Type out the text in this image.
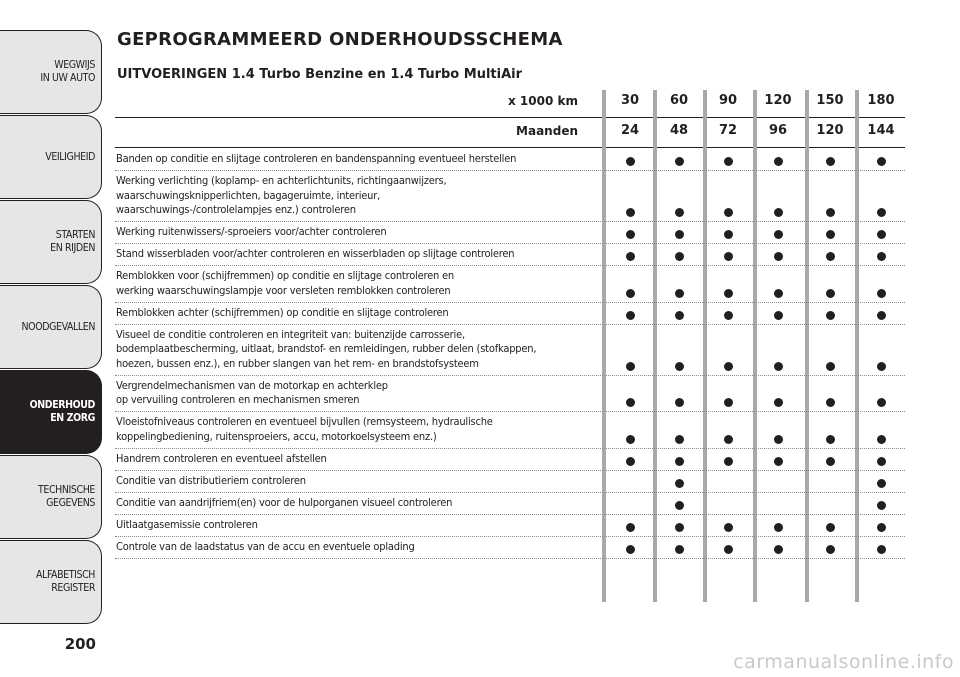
WEGWIJS
IN UW AUTO
VEILIGHEID
STARTEN
EN RIJDEN
NOODGEVALLEN
ONDERHOUD
EN ZORG
TECHNISCHE
GEGEVENS
ALFABETISCH
REGISTER
200
GEPROGRAMMEERD ONDERHOUDSSCHEMA
UITVOERINGEN 1.4 Turbo Benzine en 1.4 Turbo MultiAir
x 1000 km
Maanden
30
24
60
48
90
72
120
96
150
120
180
144
Banden op conditie en slijtage controleren en bandenspanning eventueel herstellen
Werking verlichting (koplamp- en achterlichtunits, richtingaanwijzers,
waarschuwingsknipperlichten, bagageruimte, interieur,
waarschuwings-/controlelampjes enz.) controleren
Werking ruitenwissers/-sproeiers voor/achter controleren
Stand wisserbladen voor/achter controleren en wisserbladen op slijtage controleren
Remblokken voor (schijfremmen) op conditie en slijtage controleren en
werking waarschuwingslampje voor versleten remblokken controleren
Remblokken achter (schijfremmen) op conditie en slijtage controleren
Visueel de conditie controleren en integriteit van: buitenzijde carrosserie,
bodemplaatbescherming, uitlaat, brandstof- en remleidingen, rubber delen (stofkappen,
hoezen, bussen enz.), en rubber slangen van het rem- en brandstofsysteem
Vergrendelmechanismen van de motorkap en achterklep
op vervuiling controleren en mechanismen smeren
Vloeistofniveaus controleren en eventueel bijvullen (remsysteem, hydraulische
koppelingbediening, ruitensproeiers, accu, motorkoelsysteem enz.)
Handrem controleren en eventueel afstellen
Conditie van distributieriem controleren
Conditie van aandrijfriem(en) voor de hulporganen visueel controleren
Uitlaatgasemissie controleren
Controle van de laadstatus van de accu en eventuele oplading
carmanualsonline.info
